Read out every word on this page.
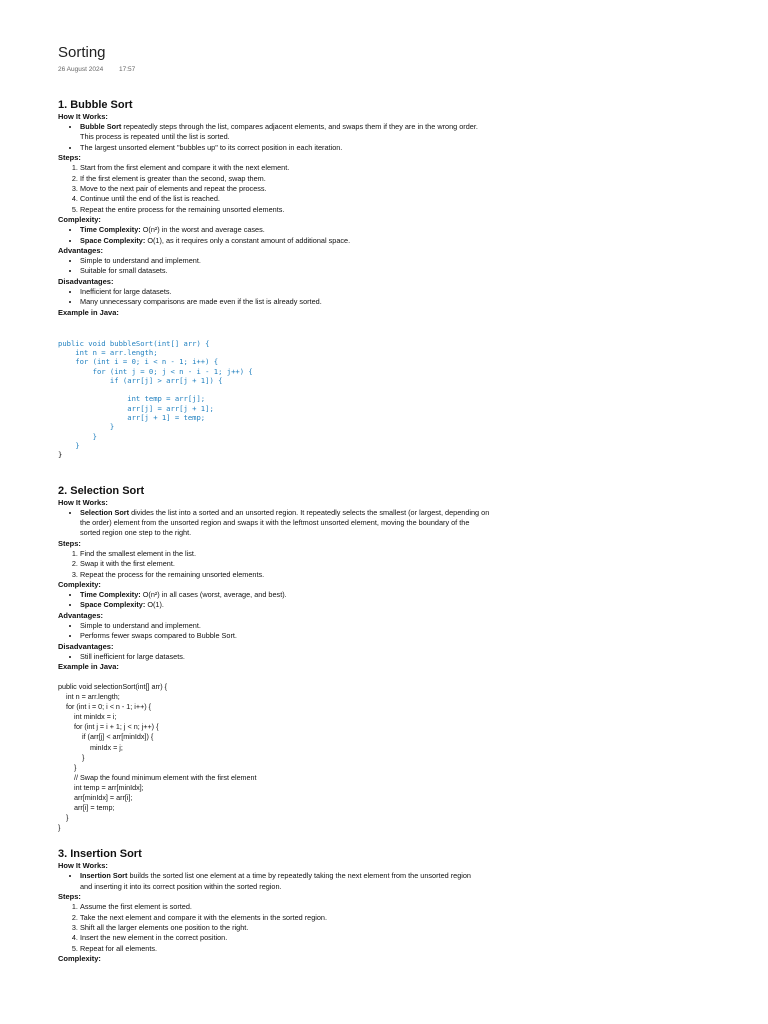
Sorting
26 August 2024 17:57
1. Bubble Sort
How It Works:
• Bubble Sort repeatedly steps through the list, compares adjacent elements, and swaps them if they are in the wrong order. This process is repeated until the list is sorted.
• The largest unsorted element "bubbles up" to its correct position in each iteration.
Steps:
1. Start from the first element and compare it with the next element.
2. If the first element is greater than the second, swap them.
3. Move to the next pair of elements and repeat the process.
4. Continue until the end of the list is reached.
5. Repeat the entire process for the remaining unsorted elements.
Complexity:
• Time Complexity: O(n²) in the worst and average cases.
• Space Complexity: O(1), as it requires only a constant amount of additional space.
Advantages:
• Simple to understand and implement.
• Suitable for small datasets.
Disadvantages:
• Inefficient for large datasets.
• Many unnecessary comparisons are made even if the list is already sorted.
Example in Java:
public void bubbleSort(int[] arr) {
int n = arr.length;
for (int i = 0; i < n - 1; i++) {
for (int j = 0; j < n - i - 1; j++) {
if (arr[j] > arr[j + 1]) {

int temp = arr[j];
arr[j] = arr[j + 1];
arr[j + 1] = temp;
}
}
}
}
2. Selection Sort
How It Works:
• Selection Sort divides the list into a sorted and an unsorted region. It repeatedly selects the smallest (or largest, depending on the order) element from the unsorted region and swaps it with the leftmost unsorted element, moving the boundary of the sorted region one step to the right.
Steps:
1. Find the smallest element in the list.
2. Swap it with the first element.
3. Repeat the process for the remaining unsorted elements.
Complexity:
• Time Complexity: O(n²) in all cases (worst, average, and best).
• Space Complexity: O(1).
Advantages:
• Simple to understand and implement.
• Performs fewer swaps compared to Bubble Sort.
Disadvantages:
• Still inefficient for large datasets.
Example in Java:
public void selectionSort(int[] arr) {
int n = arr.length;
for (int i = 0; i < n - 1; i++) {
int minIdx = i;
for (int j = i + 1; j < n; j++) {
if (arr[j] < arr[minIdx]) {
minIdx = j;
}
}
// Swap the found minimum element with the first element
int temp = arr[minIdx];
arr[minIdx] = arr[i];
arr[i] = temp;
}
}
3. Insertion Sort
How It Works:
• Insertion Sort builds the sorted list one element at a time by repeatedly taking the next element from the unsorted region and inserting it into its correct position within the sorted region.
Steps:
1. Assume the first element is sorted.
2. Take the next element and compare it with the elements in the sorted region.
3. Shift all the larger elements one position to the right.
4. Insert the new element in the correct position.
5. Repeat for all elements.
Complexity:
